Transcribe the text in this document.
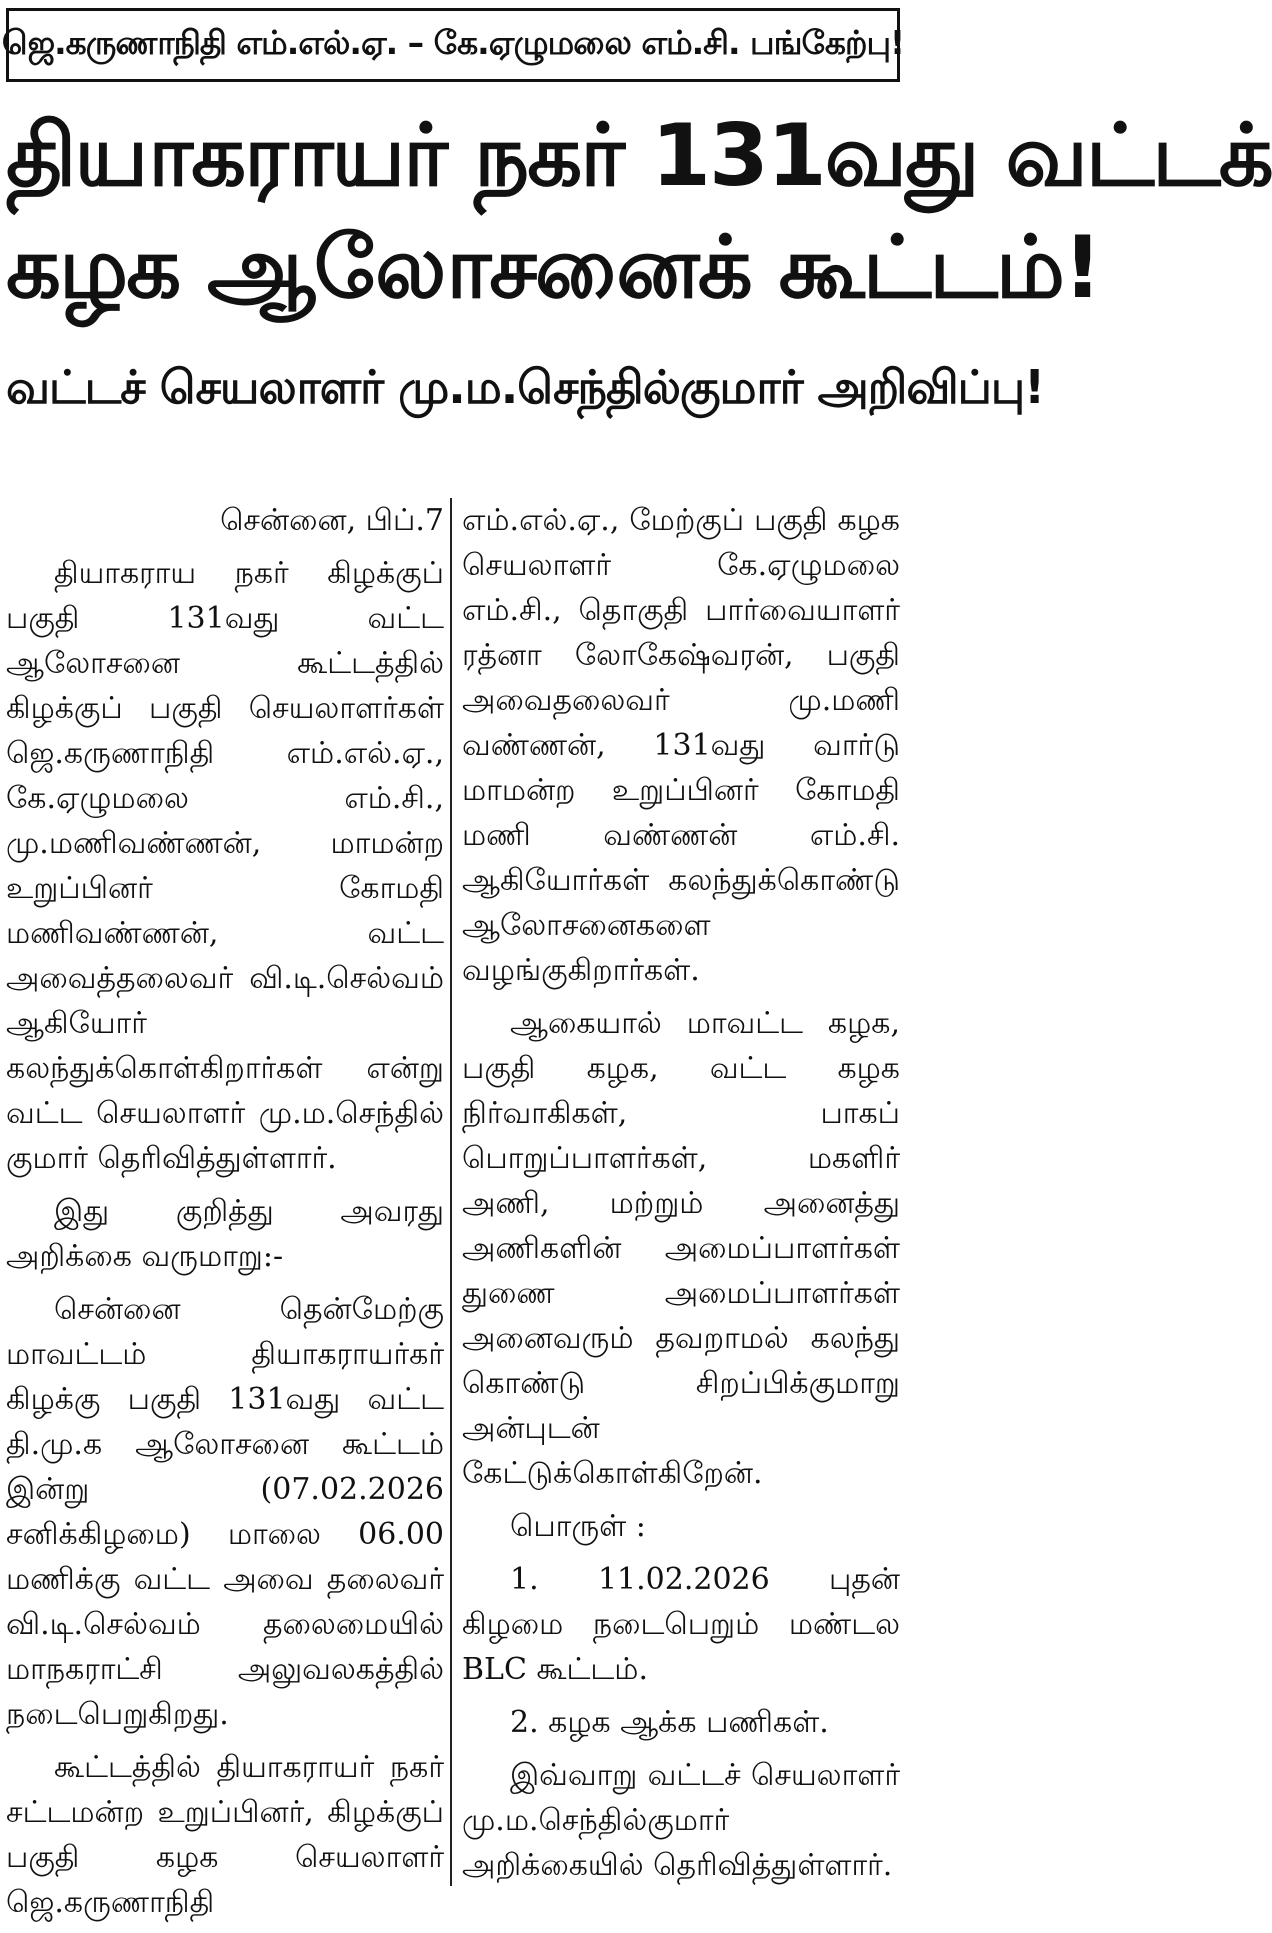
ஜெ.கருணாநிதி எம்.எல்.ஏ. – கே.ஏழுமலை எம்.சி. பங்கேற்பு!
தியாகராயர் நகர் 131வது வட்டக்
கழக ஆலோசனைக் கூட்டம்!
வட்டச் செயலாளர் மு.ம.செந்தில்குமார் அறிவிப்பு!

சென்னை, பிப்.7

தியாகராய நகர் கிழக்குப் பகுதி 131வது வட்ட ஆலோசனை கூட்டத்தில் கிழக்குப் பகுதி செயலாளர்கள் ஜெ.கருணாநிதி எம்.எல்.ஏ., கே.ஏழுமலை எம்.சி., மு.மணிவண்ணன், மாமன்ற உறுப்பினர் கோமதி மணிவண்ணன், வட்ட அவைத்தலைவர் வி.டி.செல்வம் ஆகியோர் கலந்துக்கொள்கிறார்கள் என்று வட்ட செயலாளர் மு.ம.செந்தில் குமார் தெரிவித்துள்ளார்.

இது குறித்து அவரது அறிக்கை வருமாறு:-

சென்னை தென்மேற்கு மாவட்டம் தியாகராயர்கர் கிழக்கு பகுதி 131வது வட்ட தி.மு.க ஆலோசனை கூட்டம் இன்று (07.02.2026 சனிக்கிழமை) மாலை 06.00 மணிக்கு வட்ட அவை தலைவர் வி.டி.செல்வம் தலைமையில் மாநகராட்சி அலுவலகத்தில் நடைபெறுகிறது.

கூட்டத்தில் தியாகராயர் நகர் சட்டமன்ற உறுப்பினர், கிழக்குப் பகுதி கழக செயலாளர் ஜெ.கருணாநிதி

எம்.எல்.ஏ., மேற்குப் பகுதி கழக செயலாளர் கே.ஏழுமலை எம்.சி., தொகுதி பார்வையாளர் ரத்னா லோகேஷ்வரன், பகுதி அவைதலைவர் மு.மணி வண்ணன், 131வது வார்டு மாமன்ற உறுப்பினர் கோமதி மணி வண்ணன் எம்.சி. ஆகியோர்கள் கலந்துக்கொண்டு ஆலோசனைகளை வழங்குகிறார்கள்.

ஆகையால் மாவட்ட கழக, பகுதி கழக, வட்ட கழக நிர்வாகிகள், பாகப் பொறுப்பாளர்கள், மகளிர் அணி, மற்றும் அனைத்து அணிகளின் அமைப்பாளர்கள் துணை அமைப்பாளர்கள் அனைவரும் தவறாமல் கலந்து கொண்டு சிறப்பிக்குமாறு அன்புடன் கேட்டுக்கொள்கிறேன்.

பொருள் :

1. 11.02.2026 புதன் கிழமை நடைபெறும் மண்டல BLC கூட்டம்.

2. கழக ஆக்க பணிகள்.

இவ்வாறு வட்டச் செயலாளர் மு.ம.செந்தில்குமார் அறிக்கையில் தெரிவித்துள்ளார்.
